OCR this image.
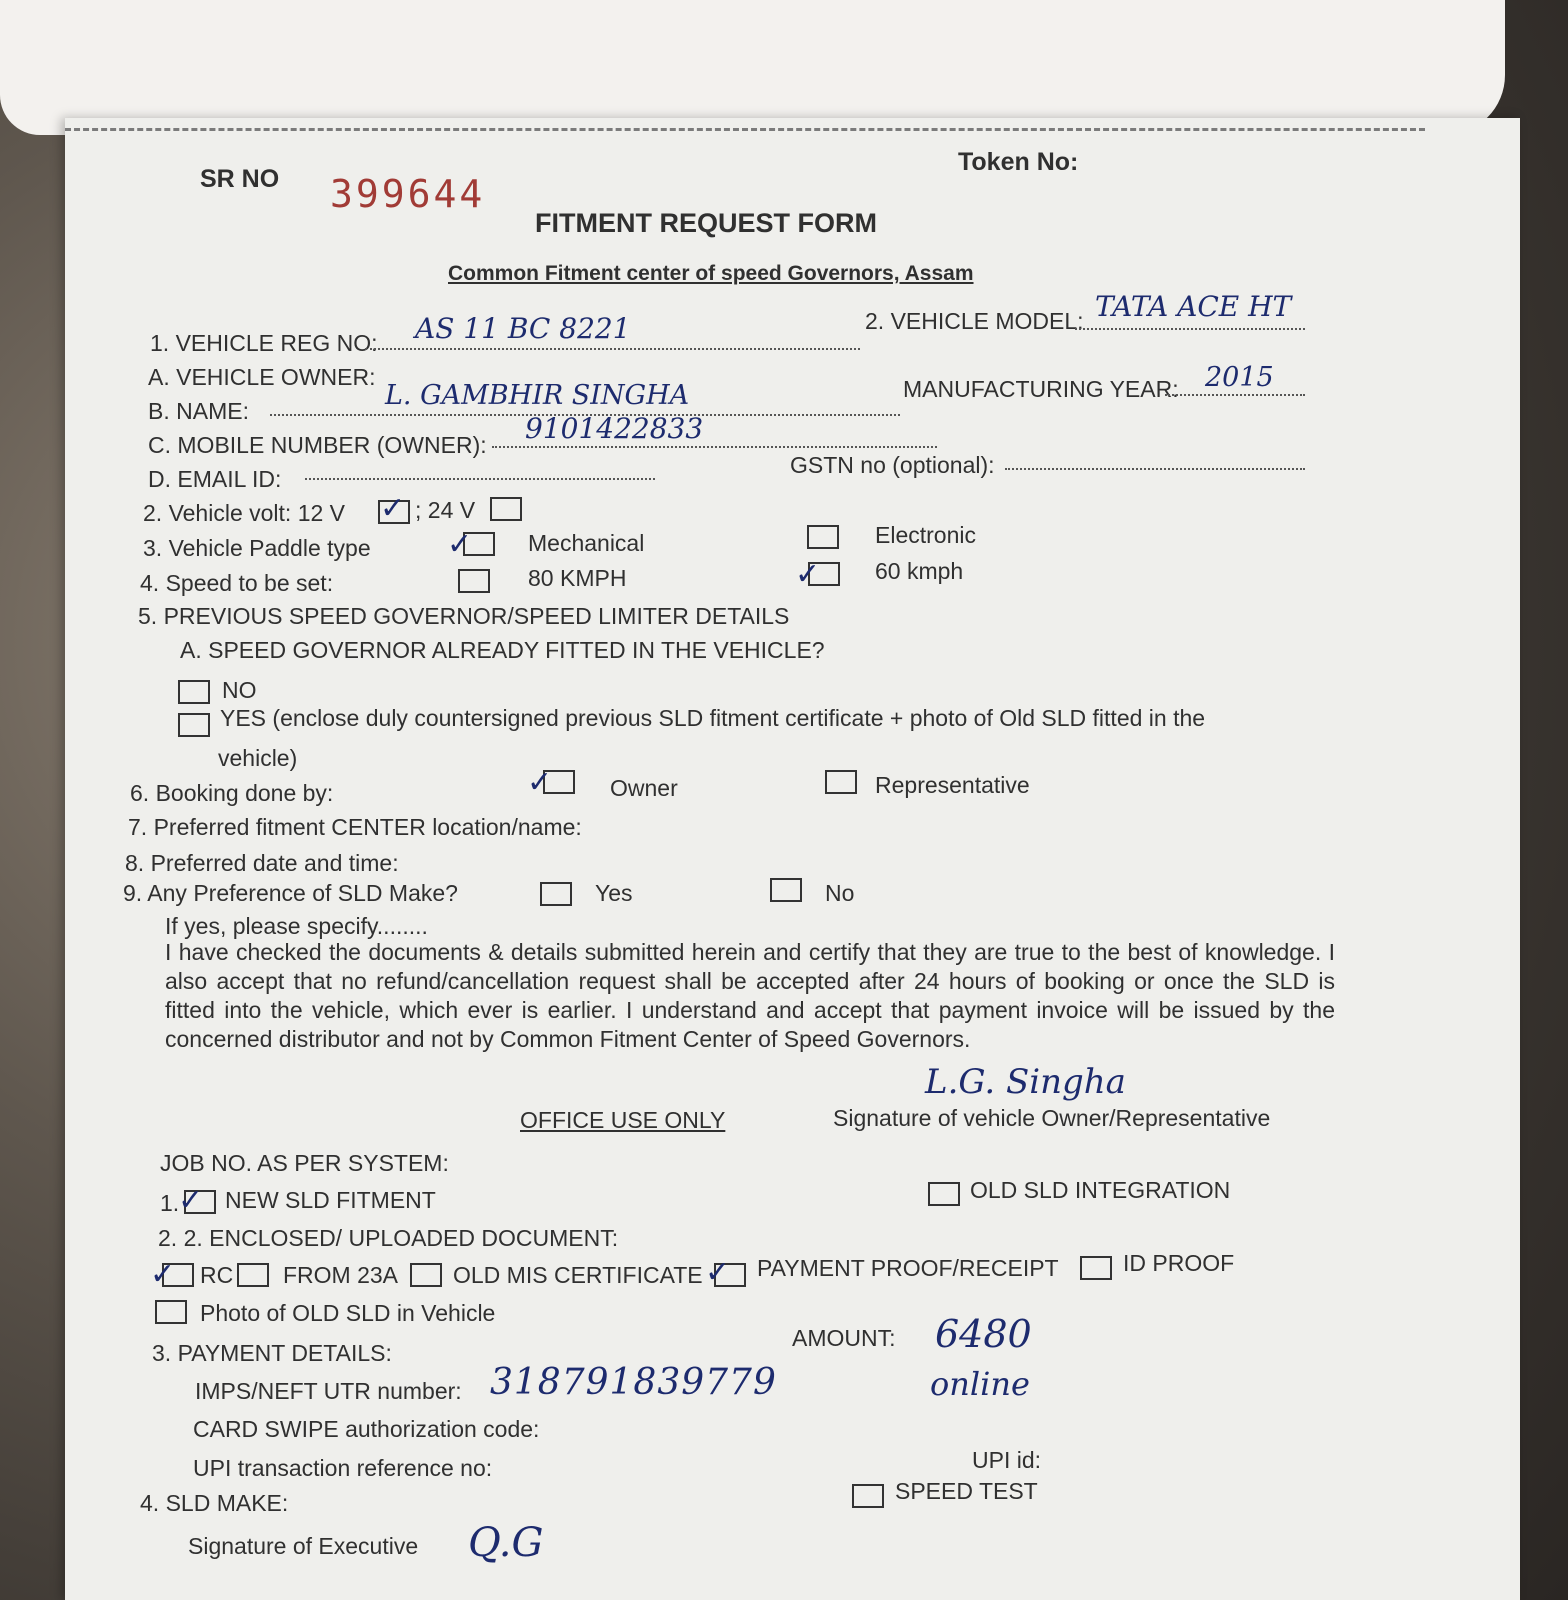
Token No:
SR NO 399644
FITMENT REQUEST FORM
Common Fitment center of speed Governors, Assam
1. VEHICLE REG NO: AS 11 BC 8221	2. VEHICLE MODEL: TATA ACE HT
A. VEHICLE OWNER:
B. NAME:	L. GAMBHIR SINGHA	MANUFACTURING YEAR: 2015
C. MOBILE NUMBER (OWNER): 9101422833
D. EMAIL ID:
GSTN no (optional):
2. Vehicle volt: 12 V ✓ ; 24 V
3. Vehicle Paddle type	✓ Mechanical	Electronic
4. Speed to be set:	80 KMPH	✓ 60 kmph
5. PREVIOUS SPEED GOVERNOR/SPEED LIMITER DETAILS
A. SPEED GOVERNOR ALREADY FITTED IN THE VEHICLE?
NO
YES (enclose duly countersigned previous SLD fitment certificate + photo of Old SLD fitted in the
vehicle)
6. Booking done by:	✓	Owner	Representative
7. Preferred fitment CENTER location/name:
8. Preferred date and time:
9. Any Preference of SLD Make?	Yes	No
If yes, please specify........
I have checked the documents & details submitted herein and certify that they are true to the best of knowledge. I also accept that no refund/cancellation request shall be accepted after 24 hours of booking or once the SLD is fitted into the vehicle, which ever is earlier. I understand and accept that payment invoice will be issued by the concerned distributor and not by Common Fitment Center of Speed Governors.
L.G. Singha
Signature of vehicle Owner/Representative
OFFICE USE ONLY
JOB NO. AS PER SYSTEM:
1.
✓ NEW SLD FITMENT	OLD SLD INTEGRATION
2. 2. ENCLOSED/ UPLOADED DOCUMENT:
✓ RC FROM 23A OLD MIS CERTIFICATE ✓ PAYMENT PROOF/RECEIPT	ID PROOF
Photo of OLD SLD in Vehicle
3. PAYMENT DETAILS:
AMOUNT: 6480
IMPS/NEFT UTR number: 318791839779	online
CARD SWIPE authorization code:
UPI transaction reference no:	UPI id:
4. SLD MAKE:	SPEED TEST
Signature of Executive Q.G
